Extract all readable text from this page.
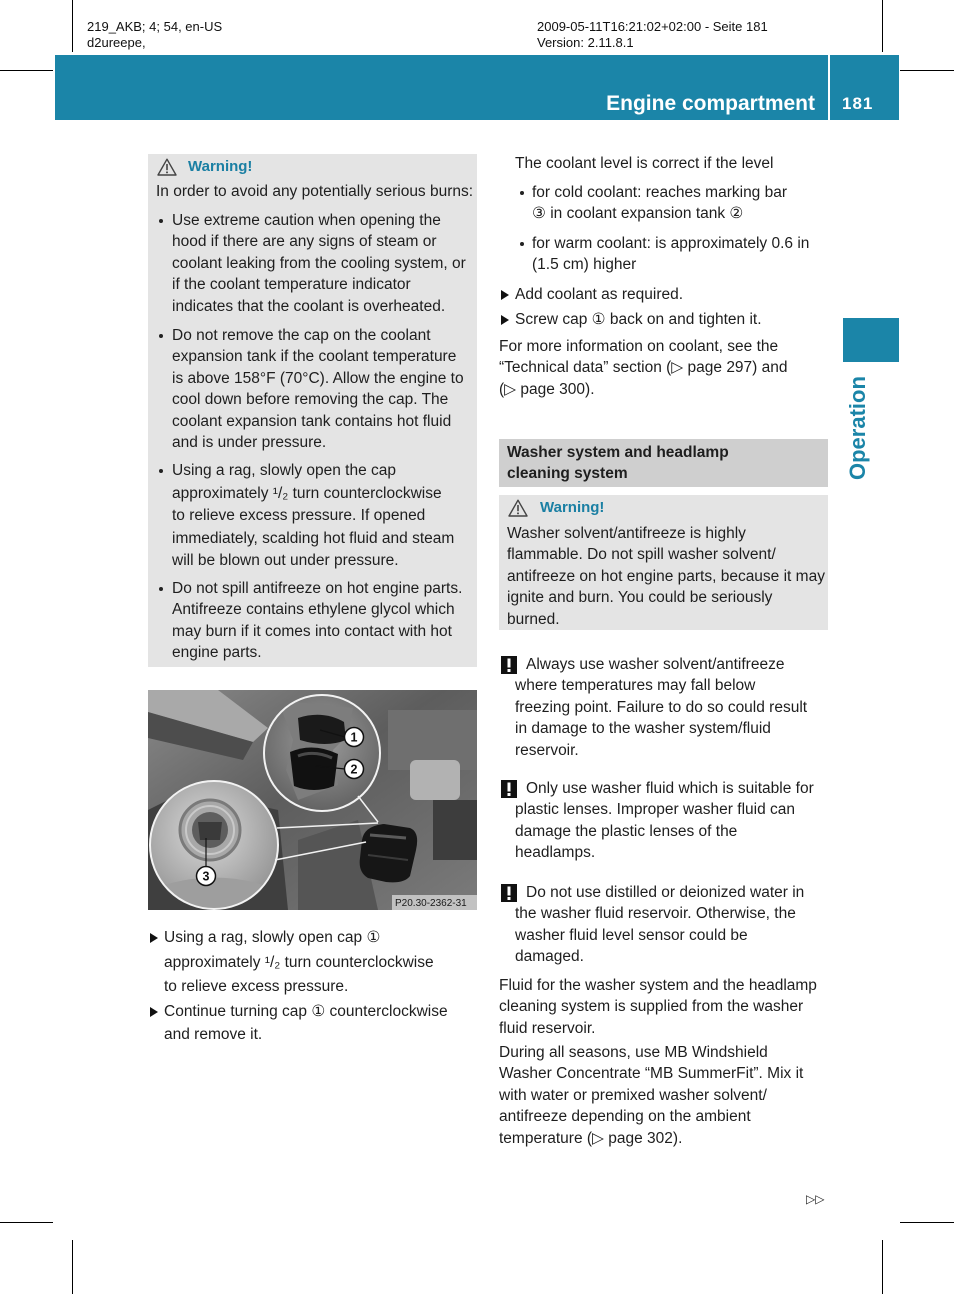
219_AKB; 4; 54, en-US
d2ureepe,
2009-05-11T16:21:02+02:00 - Seite 181
Version: 2.11.8.1
Engine compartment 181
Operation
Warning!
In order to avoid any potentially serious burns:
Use extreme caution when opening the
hood if there are any signs of steam or
coolant leaking from the cooling system, or
if the coolant temperature indicator
indicates that the coolant is overheated.
Do not remove the cap on the coolant
expansion tank if the coolant temperature
is above 158°F (70°C). Allow the engine to
cool down before removing the cap. The
coolant expansion tank contains hot fluid
and is under pressure.
Using a rag, slowly open the cap
approximately ¹/₂ turn counterclockwise
to relieve excess pressure. If opened
immediately, scalding hot fluid and steam
will be blown out under pressure.
Do not spill antifreeze on hot engine parts.
Antifreeze contains ethylene glycol which
may burn if it comes into contact with hot
engine parts.
1
2
3
P20.30-2362-31
Using a rag, slowly open cap ①
approximately ¹/₂ turn counterclockwise
to relieve excess pressure.
Continue turning cap ① counterclockwise
and remove it.
The coolant level is correct if the level
for cold coolant: reaches marking bar
③ in coolant expansion tank ②
for warm coolant: is approximately 0.6 in
(1.5 cm) higher
Add coolant as required.
Screw cap ① back on and tighten it.
For more information on coolant, see the
“Technical data” section (▷ page 297) and
(▷ page 300).
Washer system and headlamp
cleaning system
Warning!
Washer solvent/antifreeze is highly
flammable. Do not spill washer solvent/
antifreeze on hot engine parts, because it may
ignite and burn. You could be seriously
burned.
Always use washer solvent/antifreeze
where temperatures may fall below
freezing point. Failure to do so could result
in damage to the washer system/fluid
reservoir.
Only use washer fluid which is suitable for
plastic lenses. Improper washer fluid can
damage the plastic lenses of the
headlamps.
Do not use distilled or deionized water in
the washer fluid reservoir. Otherwise, the
washer fluid level sensor could be
damaged.
Fluid for the washer system and the headlamp
cleaning system is supplied from the washer
fluid reservoir.
During all seasons, use MB Windshield
Washer Concentrate “MB SummerFit”. Mix it
with water or premixed washer solvent/
antifreeze depending on the ambient
temperature (▷ page 302).
▷▷
